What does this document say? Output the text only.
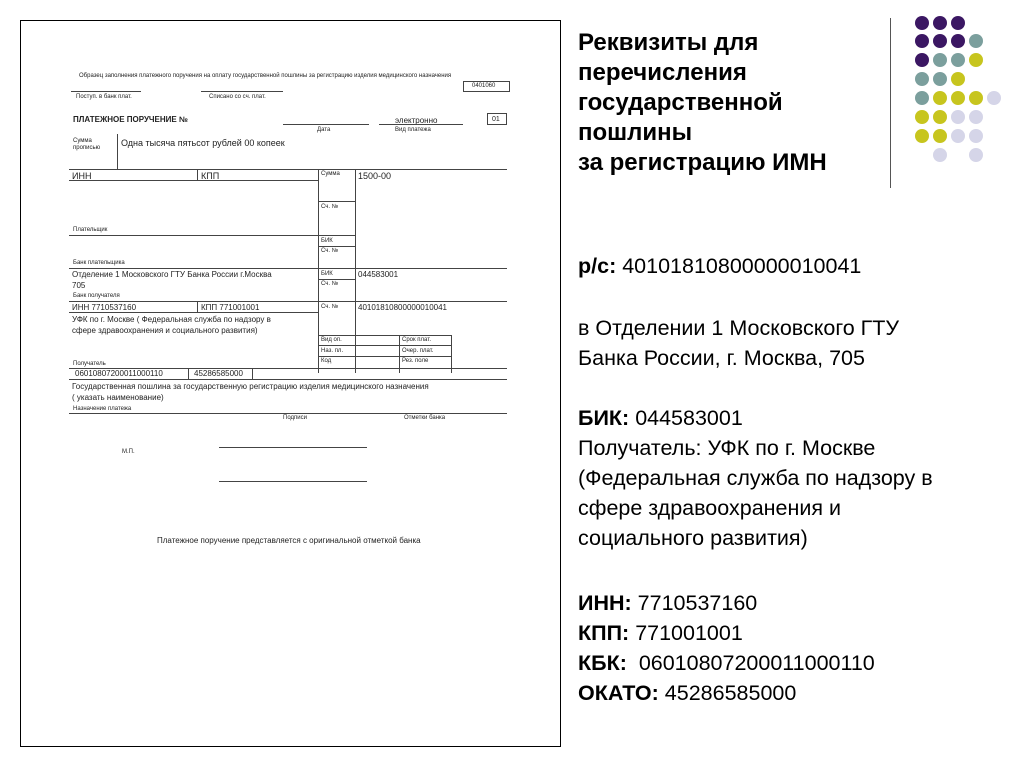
Образец заполнения платежного поручения на оплату государственной пошлины за регистрацию изделия медицинского назначения
0401060
Поступ. в банк плат.	Списано со сч. плат.
ПЛАТЕЖНОЕ ПОРУЧЕНИЕ №	электронно	01
Дата	Вид платежа
Сумма
прописью Одна тысяча пятьсот рублей 00 копеек
ИНН	КПП	Сумма 1500-00
Сч. №
Плательщик
БИК
Сч. №
Банк плательщика
Отделение 1 Московского ГТУ Банка России г.Москва
705
БИК	044583001
Сч. №
Банк получателя
ИНН 7710537160	КПП 771001001	Сч. № 40101810800000010041
УФК по г. Москве ( Федеральная служба по надзору в
сфере здравоохранения и социального развития)
Вид оп.	Срок плат.
Наз. пл.	Очер. плат.
Код	Рез. поле
Получатель
06010807200011000110	45286585000
Государственная пошлина за государственную регистрацию изделия медицинского назначения
( указать наименование)
Назначение платежа
Подписи	Отметки банка
М.П.
Платежное поручение представляется с оригинальной отметкой банка
Реквизиты для
перечисления
государственной
пошлины
за регистрацию ИМН
р/с: 40101810800000010041
в Отделении 1 Московского ГТУ
Банка России, г. Москва, 705
БИК: 044583001
Получатель: УФК по г. Москве
(Федеральная служба по надзору в
сфере здравоохранения и
социального развития)
ИНН: 7710537160
КПП: 771001001
КБК: 06010807200011000110
ОКАТО: 45286585000
